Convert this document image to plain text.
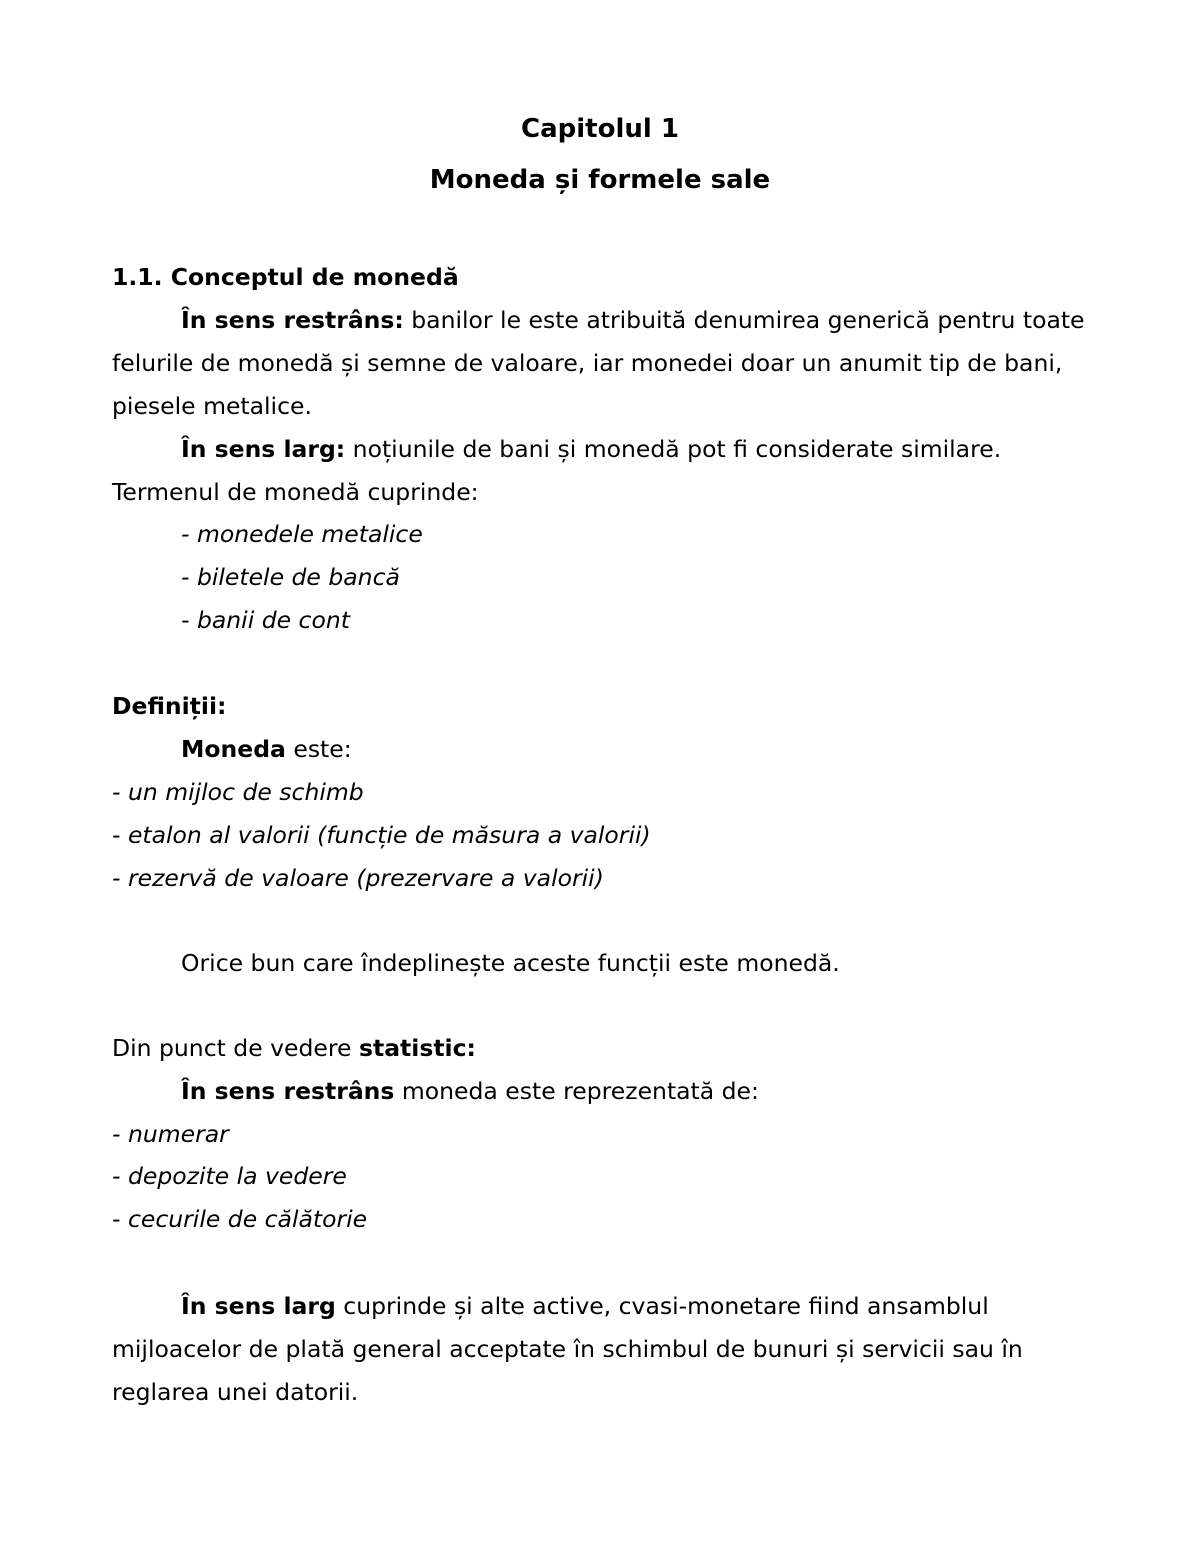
Capitolul 1
Moneda și formele sale
1.1. Conceptul de monedă
În sens restrâns: banilor le este atribuită denumirea generică pentru toate
felurile de monedă și semne de valoare, iar monedei doar un anumit tip de bani,
piesele metalice.
În sens larg: noțiunile de bani și monedă pot fi considerate similare.
Termenul de monedă cuprinde:
- monedele metalice
- biletele de bancă
- banii de cont
Definiții:
Moneda este:
- un mijloc de schimb
- etalon al valorii (funcție de măsura a valorii)
- rezervă de valoare (prezervare a valorii)
Orice bun care îndeplinește aceste funcții este monedă.
Din punct de vedere statistic:
În sens restrâns moneda este reprezentată de:
- numerar
- depozite la vedere
- cecurile de călătorie
În sens larg cuprinde și alte active, cvasi-monetare fiind ansamblul
mijloacelor de plată general acceptate în schimbul de bunuri și servicii sau în
reglarea unei datorii.
